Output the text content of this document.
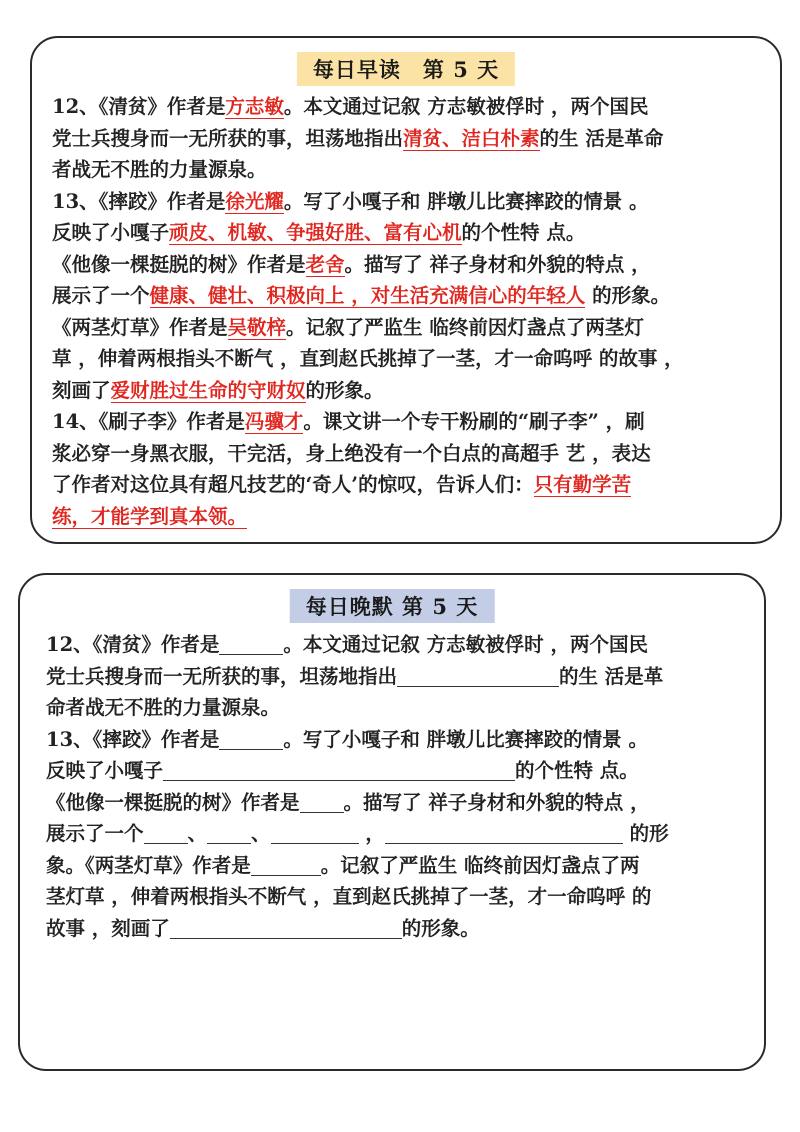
每日早读　第 5 天
12、《清贫》作者是方志敏。本文通过记叙 方志敏被俘时 ，两个国民
党士兵搜身而一无所获的事，坦荡地指出清贫、洁白朴素的生 活是革命
者战无不胜的力量源泉。
13、《摔跤》作者是徐光耀。写了小嘎子和 胖墩儿比赛摔跤的情景 。
反映了小嘎子顽皮、机敏、争强好胜、富有心机的个性特 点。
《他像一棵挺脱的树》作者是老舍。描写了 祥子身材和外貌的特点 ，
展示了一个健康、健壮、积极向上 ，对生活充满信心的年轻人 的形象。
《两茎灯草》作者是吴敬梓。记叙了严监生 临终前因灯盏点了两茎灯
草 ，伸着两根指头不断气 ，直到赵氏挑掉了一茎，才一命呜呼 的故事 ，
刻画了爱财胜过生命的守财奴的形象。
14、《刷子李》作者是冯骥才。课文讲一个专干粉刷的“刷子李” ，刷
浆必穿一身黑衣服，干完活，身上绝没有一个白点的高超手 艺 ，表达
了作者对这位具有超凡技艺的‘奇人’的惊叹，告诉人们：只有勤学苦
练，才能学到真本领。
每日晚默 第 5 天
12、《清贫》作者是	。本文通过记叙 方志敏被俘时 ，两个国民
党士兵搜身而一无所获的事，坦荡地指出	的生 活是革
命者战无不胜的力量源泉。
13、《摔跤》作者是	。写了小嘎子和 胖墩儿比赛摔跤的情景 。
反映了小嘎子	的个性特 点。
《他像一棵挺脱的树》作者是 。描写了 祥子身材和外貌的特点 ，
展示了一个 、 、	，	的形
象。《两茎灯草》作者是	。记叙了严监生 临终前因灯盏点了两
茎灯草 ，伸着两根指头不断气 ，直到赵氏挑掉了一茎，才一命呜呼 的
故事 ，刻画了	的形象。
